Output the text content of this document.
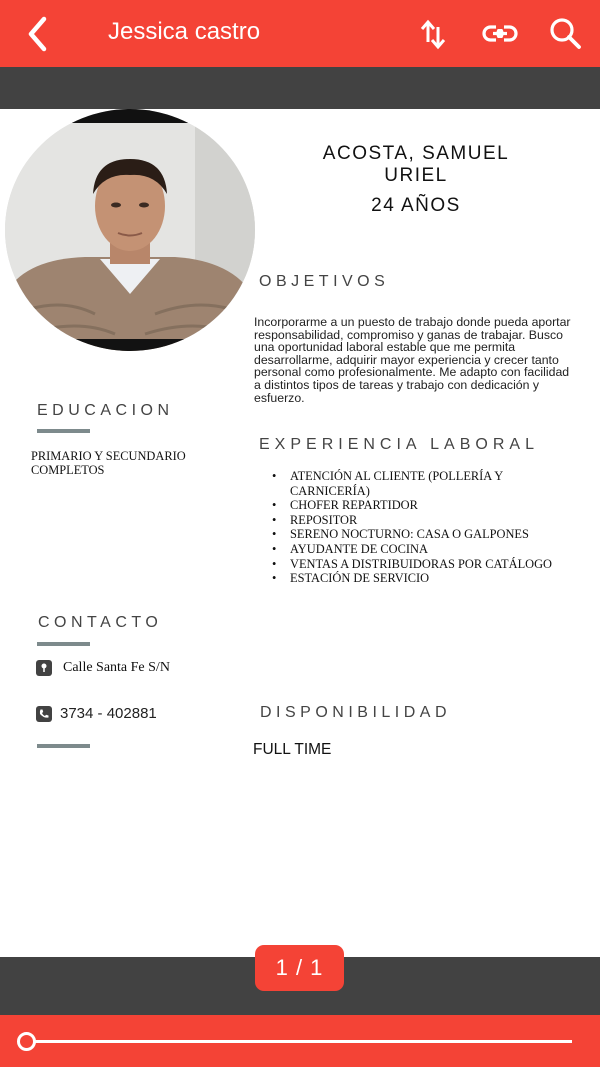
Jessica castro
ACOSTA, SAMUEL URIEL
24 AÑOS
OBJETIVOS
Incorporarme a un puesto de trabajo donde pueda aportar responsabilidad, compromiso y ganas de trabajar. Busco una oportunidad laboral estable que me permita desarrollarme, adquirir mayor experiencia y crecer tanto personal como profesionalmente. Me adapto con facilidad a distintos tipos de tareas y trabajo con dedicación y esfuerzo.
EDUCACION
PRIMARIO Y SECUNDARIO COMPLETOS
EXPERIENCIA LABORAL
• ATENCIÓN AL CLIENTE (POLLERÍA Y CARNICERÍA)
• CHOFER REPARTIDOR
• REPOSITOR
• SERENO NOCTURNO: CASA O GALPONES
• AYUDANTE DE COCINA
• VENTAS A DISTRIBUIDORAS POR CATÁLOGO
• ESTACIÓN DE SERVICIO
CONTACTO
Calle Santa Fe S/N
3734 - 402881	DISPONIBILIDAD
FULL TIME
1 / 1
